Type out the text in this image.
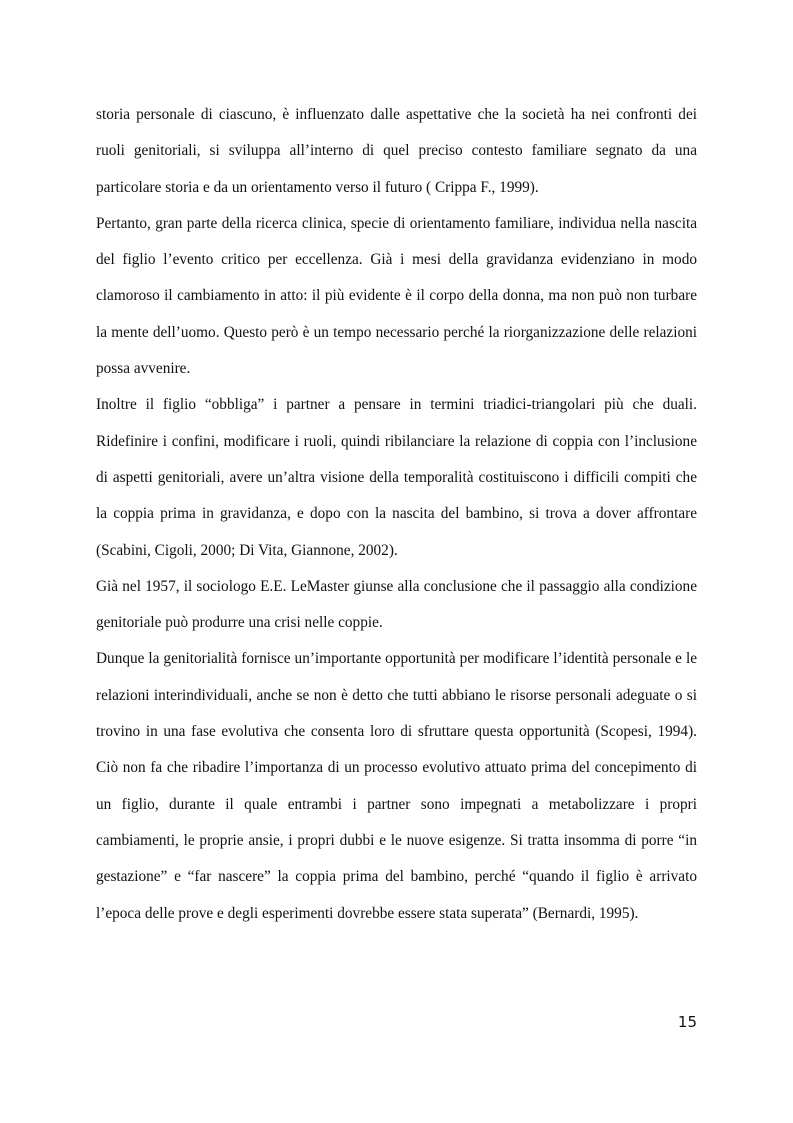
storia personale di ciascuno, è influenzato dalle aspettative che la società ha nei confronti dei ruoli genitoriali, si sviluppa all’interno di quel preciso contesto familiare segnato da una particolare storia e da un orientamento verso il futuro ( Crippa F., 1999).

Pertanto, gran parte della ricerca clinica, specie di orientamento familiare, individua nella nascita del figlio l’evento critico per eccellenza. Già i mesi della gravidanza evidenziano in modo clamoroso il cambiamento in atto: il più evidente è il corpo della donna, ma non può non turbare la mente dell’uomo. Questo però è un tempo necessario perché la riorganizzazione delle relazioni possa avvenire.

Inoltre il figlio “obbliga” i partner a pensare in termini triadici-triangolari più che duali. Ridefinire i confini, modificare i ruoli, quindi ribilanciare la relazione di coppia con l’inclusione di aspetti genitoriali, avere un’altra visione della temporalità costituiscono i difficili compiti che la coppia prima in gravidanza, e dopo con la nascita del bambino, si trova a dover affrontare (Scabini, Cigoli, 2000; Di Vita, Giannone, 2002).

Già nel 1957, il sociologo E.E. LeMaster giunse alla conclusione che il passaggio alla condizione genitoriale può produrre una crisi nelle coppie.

Dunque la genitorialità fornisce un’importante opportunità per modificare l’identità personale e le relazioni interindividuali, anche se non è detto che tutti abbiano le risorse personali adeguate o si trovino in una fase evolutiva che consenta loro di sfruttare questa opportunità (Scopesi, 1994). Ciò non fa che ribadire l’importanza di un processo evolutivo attuato prima del concepimento di un figlio, durante il quale entrambi i partner sono impegnati a metabolizzare i propri cambiamenti, le proprie ansie, i propri dubbi e le nuove esigenze. Si tratta insomma di porre “in gestazione” e “far nascere” la coppia prima del bambino, perché “quando il figlio è arrivato l’epoca delle prove e degli esperimenti dovrebbe essere stata superata” (Bernardi, 1995).

15
